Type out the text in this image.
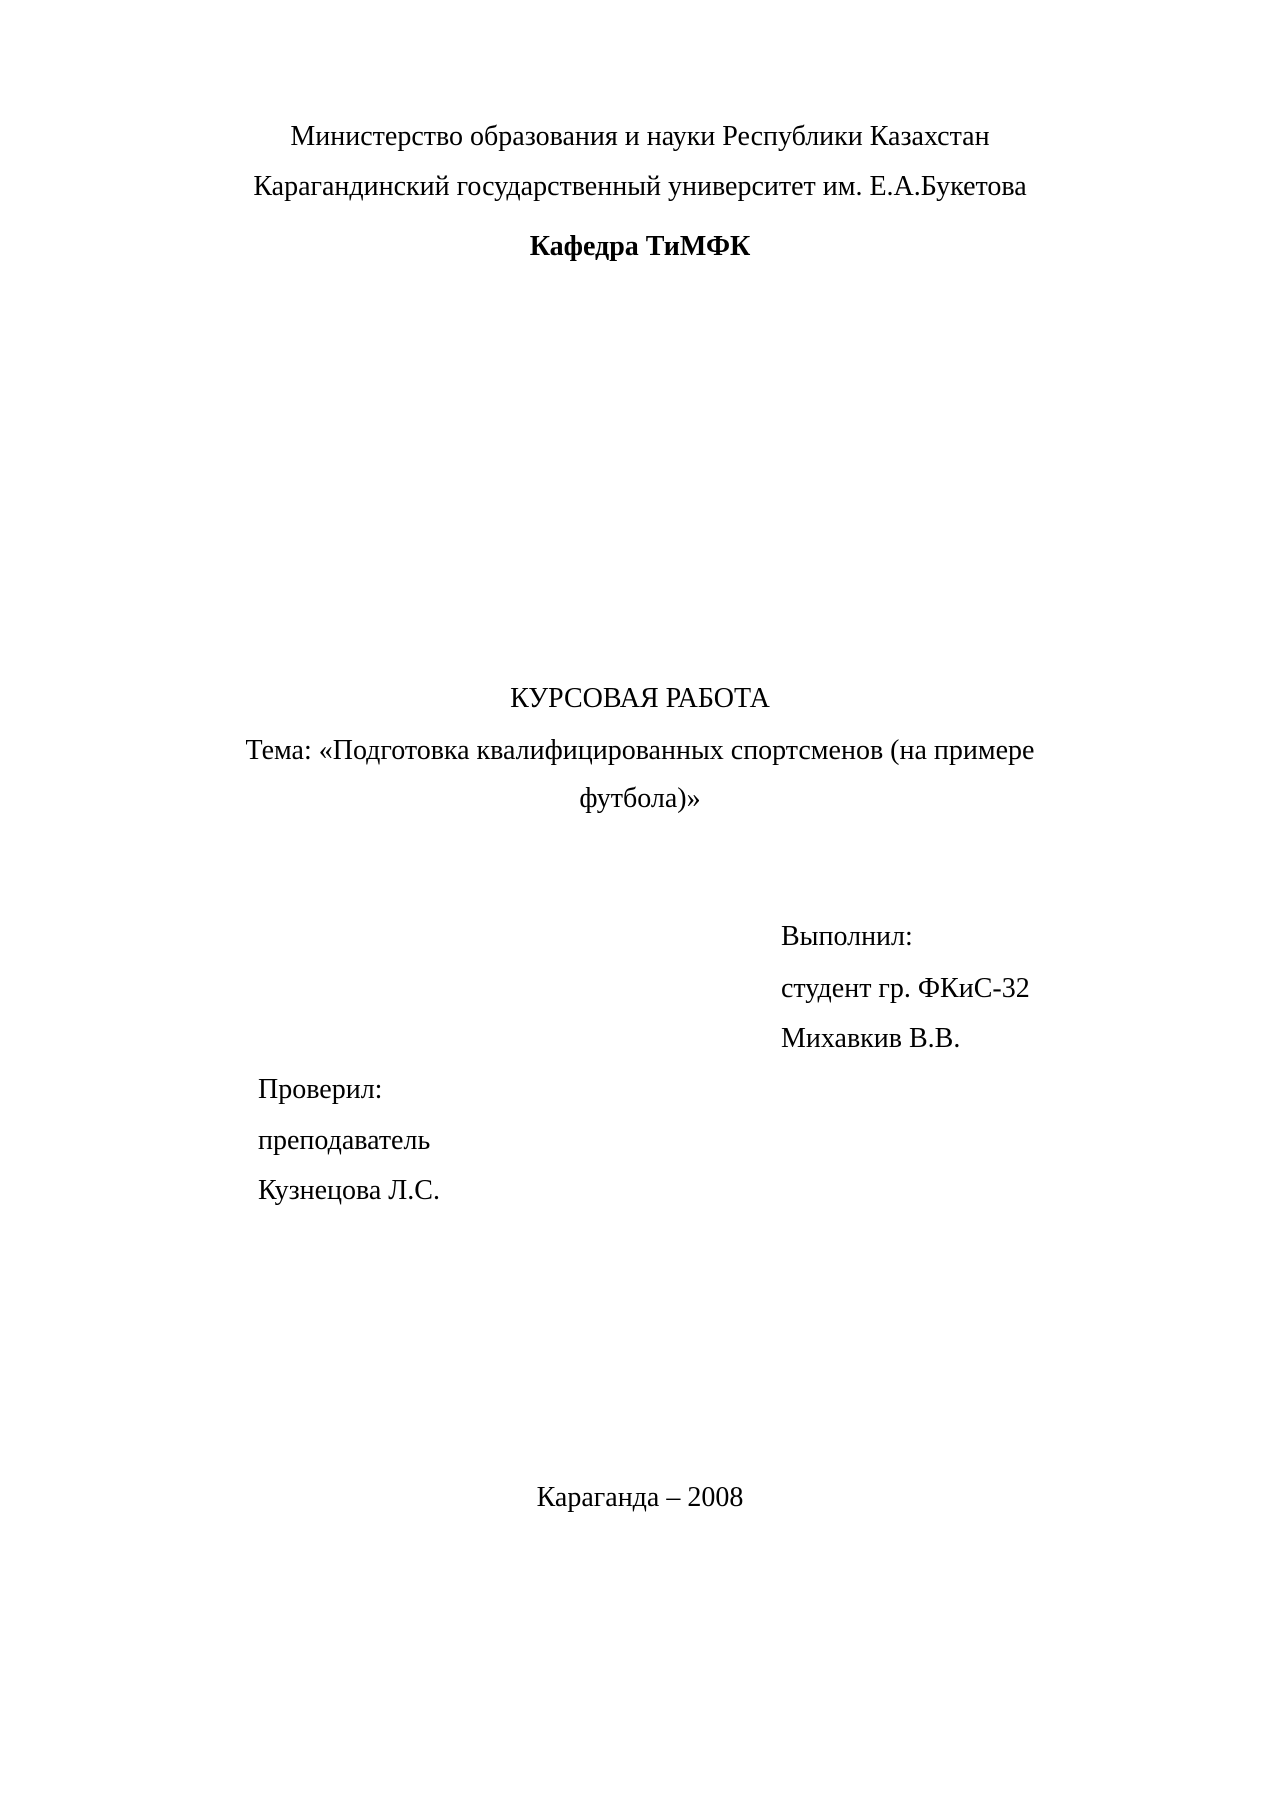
Министерство образования и науки Республики Казахстан
Карагандинский государственный университет им. Е.А.Букетова
Кафедра ТиМФК
КУРСОВАЯ РАБОТА
Тема: «Подготовка квалифицированных спортсменов (на примере
футбола)»
Выполнил:
студент гр. ФКиС-32
Михавкив В.В.
Проверил:
преподаватель
Кузнецова Л.С.
Караганда – 2008
